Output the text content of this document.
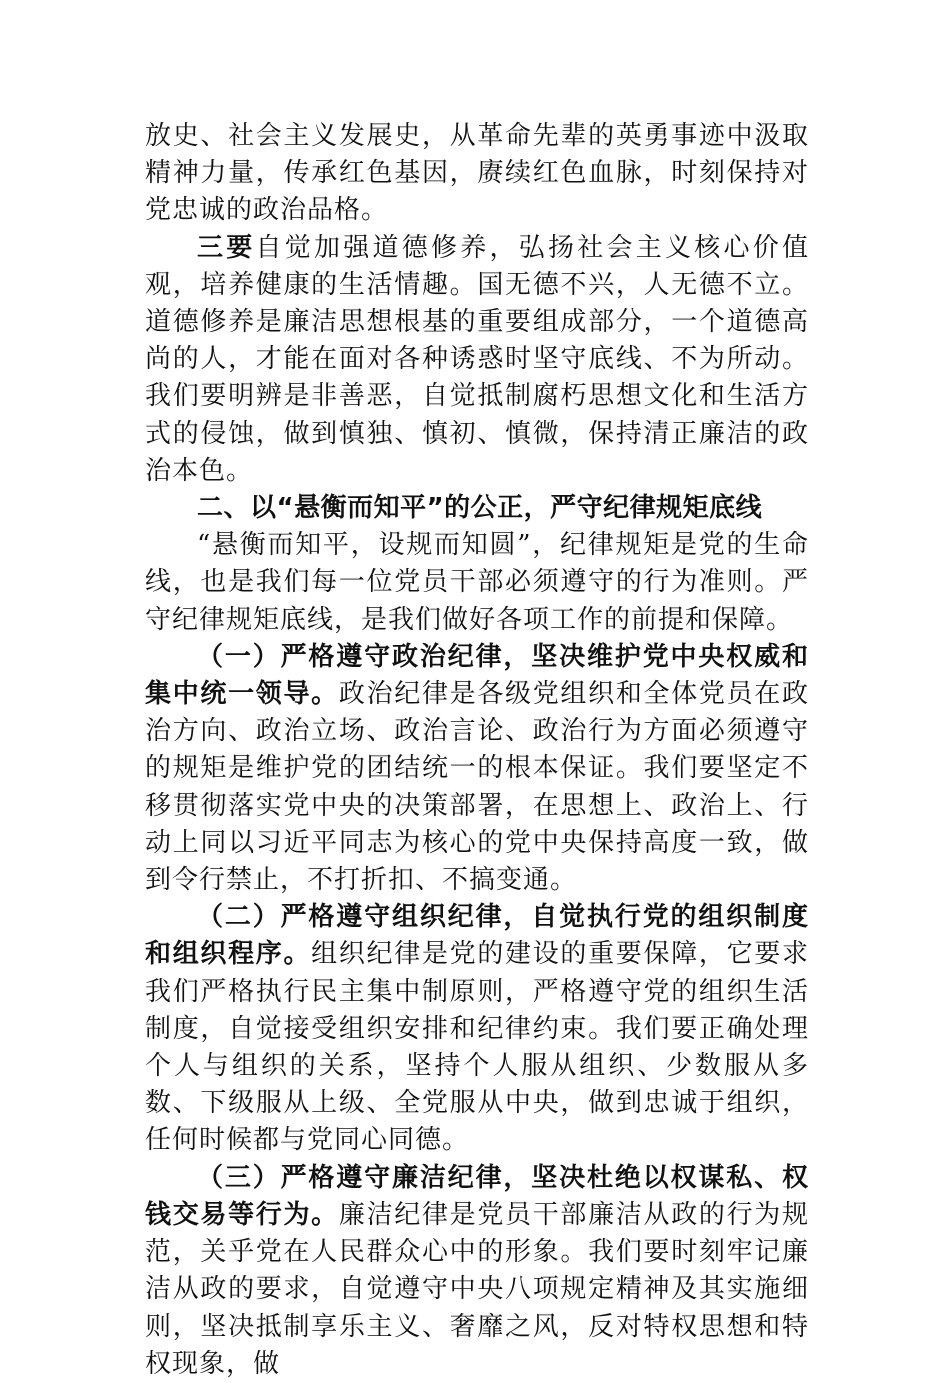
放史、社会主义发展史，从革命先辈的英勇事迹中汲取精神力量，传承红色基因，赓续红色血脉，时刻保持对党忠诚的政治品格。

三要自觉加强道德修养，弘扬社会主义核心价值观，培养健康的生活情趣。国无德不兴，人无德不立。道德修养是廉洁思想根基的重要组成部分，一个道德高尚的人，才能在面对各种诱惑时坚守底线、不为所动。我们要明辨是非善恶，自觉抵制腐朽思想文化和生活方式的侵蚀，做到慎独、慎初、慎微，保持清正廉洁的政治本色。

二、以“悬衡而知平”的公正，严守纪律规矩底线

“悬衡而知平，设规而知圆”，纪律规矩是党的生命线，也是我们每一位党员干部必须遵守的行为准则。严守纪律规矩底线，是我们做好各项工作的前提和保障。

（一）严格遵守政治纪律，坚决维护党中央权威和集中统一领导。政治纪律是各级党组织和全体党员在政治方向、政治立场、政治言论、政治行为方面必须遵守的规矩是维护党的团结统一的根本保证。我们要坚定不移贯彻落实党中央的决策部署，在思想上、政治上、行动上同以习近平同志为核心的党中央保持高度一致，做到令行禁止，不打折扣、不搞变通。

（二）严格遵守组织纪律，自觉执行党的组织制度和组织程序。组织纪律是党的建设的重要保障，它要求我们严格执行民主集中制原则，严格遵守党的组织生活制度，自觉接受组织安排和纪律约束。我们要正确处理个人与组织的关系，坚持个人服从组织、少数服从多数、下级服从上级、全党服从中央，做到忠诚于组织，任何时候都与党同心同德。

（三）严格遵守廉洁纪律，坚决杜绝以权谋私、权钱交易等行为。廉洁纪律是党员干部廉洁从政的行为规范，关乎党在人民群众心中的形象。我们要时刻牢记廉洁从政的要求，自觉遵守中央八项规定精神及其实施细则，坚决抵制享乐主义、奢靡之风，反对特权思想和特权现象，做
